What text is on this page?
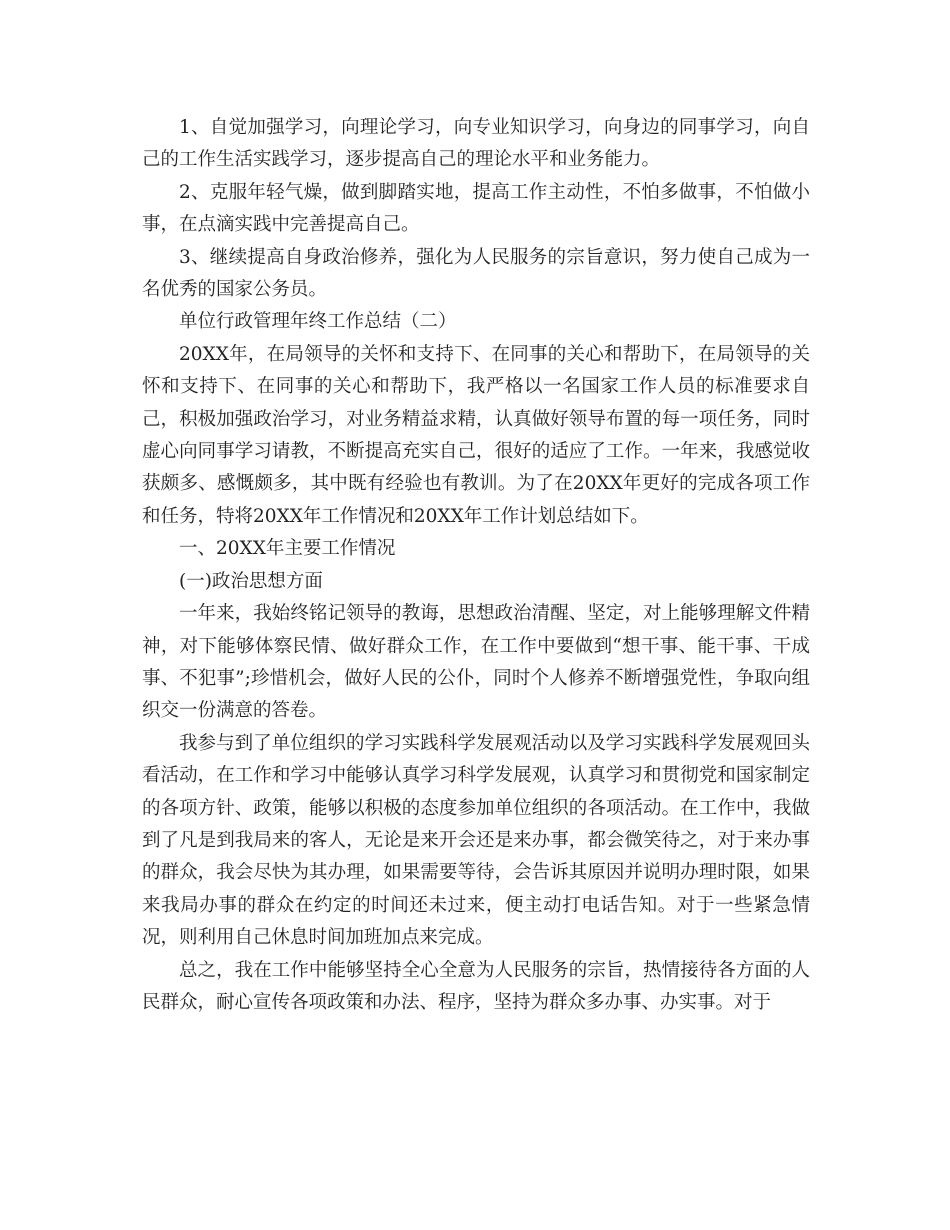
1、自觉加强学习，向理论学习，向专业知识学习，向身边的同事学习，向自己的工作生活实践学习，逐步提高自己的理论水平和业务能力。

2、克服年轻气燥，做到脚踏实地，提高工作主动性，不怕多做事，不怕做小事，在点滴实践中完善提高自己。

3、继续提高自身政治修养，强化为人民服务的宗旨意识，努力使自己成为一名优秀的国家公务员。

单位行政管理年终工作总结（二）

20XX年，在局领导的关怀和支持下、在同事的关心和帮助下，在局领导的关怀和支持下、在同事的关心和帮助下，我严格以一名国家工作人员的标准要求自己，积极加强政治学习，对业务精益求精，认真做好领导布置的每一项任务，同时虚心向同事学习请教，不断提高充实自己，很好的适应了工作。一年来，我感觉收获颇多、感慨颇多，其中既有经验也有教训。为了在20XX年更好的完成各项工作和任务，特将20XX年工作情况和20XX年工作计划总结如下。

一、20XX年主要工作情况

(一)政治思想方面

一年来，我始终铭记领导的教诲，思想政治清醒、坚定，对上能够理解文件精神，对下能够体察民情、做好群众工作，在工作中要做到“想干事、能干事、干成事、不犯事”;珍惜机会，做好人民的公仆，同时个人修养不断增强党性，争取向组织交一份满意的答卷。

我参与到了单位组织的学习实践科学发展观活动以及学习实践科学发展观回头看活动，在工作和学习中能够认真学习科学发展观，认真学习和贯彻党和国家制定的各项方针、政策，能够以积极的态度参加单位组织的各项活动。在工作中，我做到了凡是到我局来的客人，无论是来开会还是来办事，都会微笑待之，对于来办事的群众，我会尽快为其办理，如果需要等待，会告诉其原因并说明办理时限，如果来我局办事的群众在约定的时间还未过来，便主动打电话告知。对于一些紧急情况，则利用自己休息时间加班加点来完成。

总之，我在工作中能够坚持全心全意为人民服务的宗旨，热情接待各方面的人民群众，耐心宣传各项政策和办法、程序，坚持为群众多办事、办实事。对于
